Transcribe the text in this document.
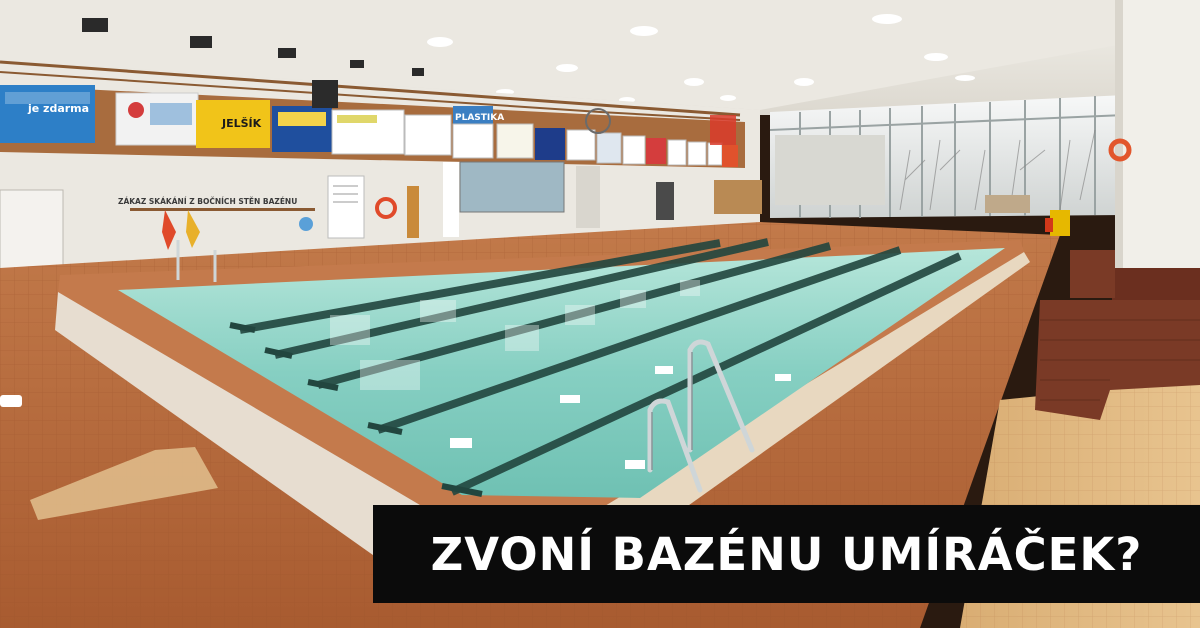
je zdarma
JELŠÍK	PLASTIKA
ZÁKAZ SKÁKÁNÍ Z BOČNÍCH STĚN BAZÉNU
ZVONÍ BAZÉNU UMÍRÁČEK?
